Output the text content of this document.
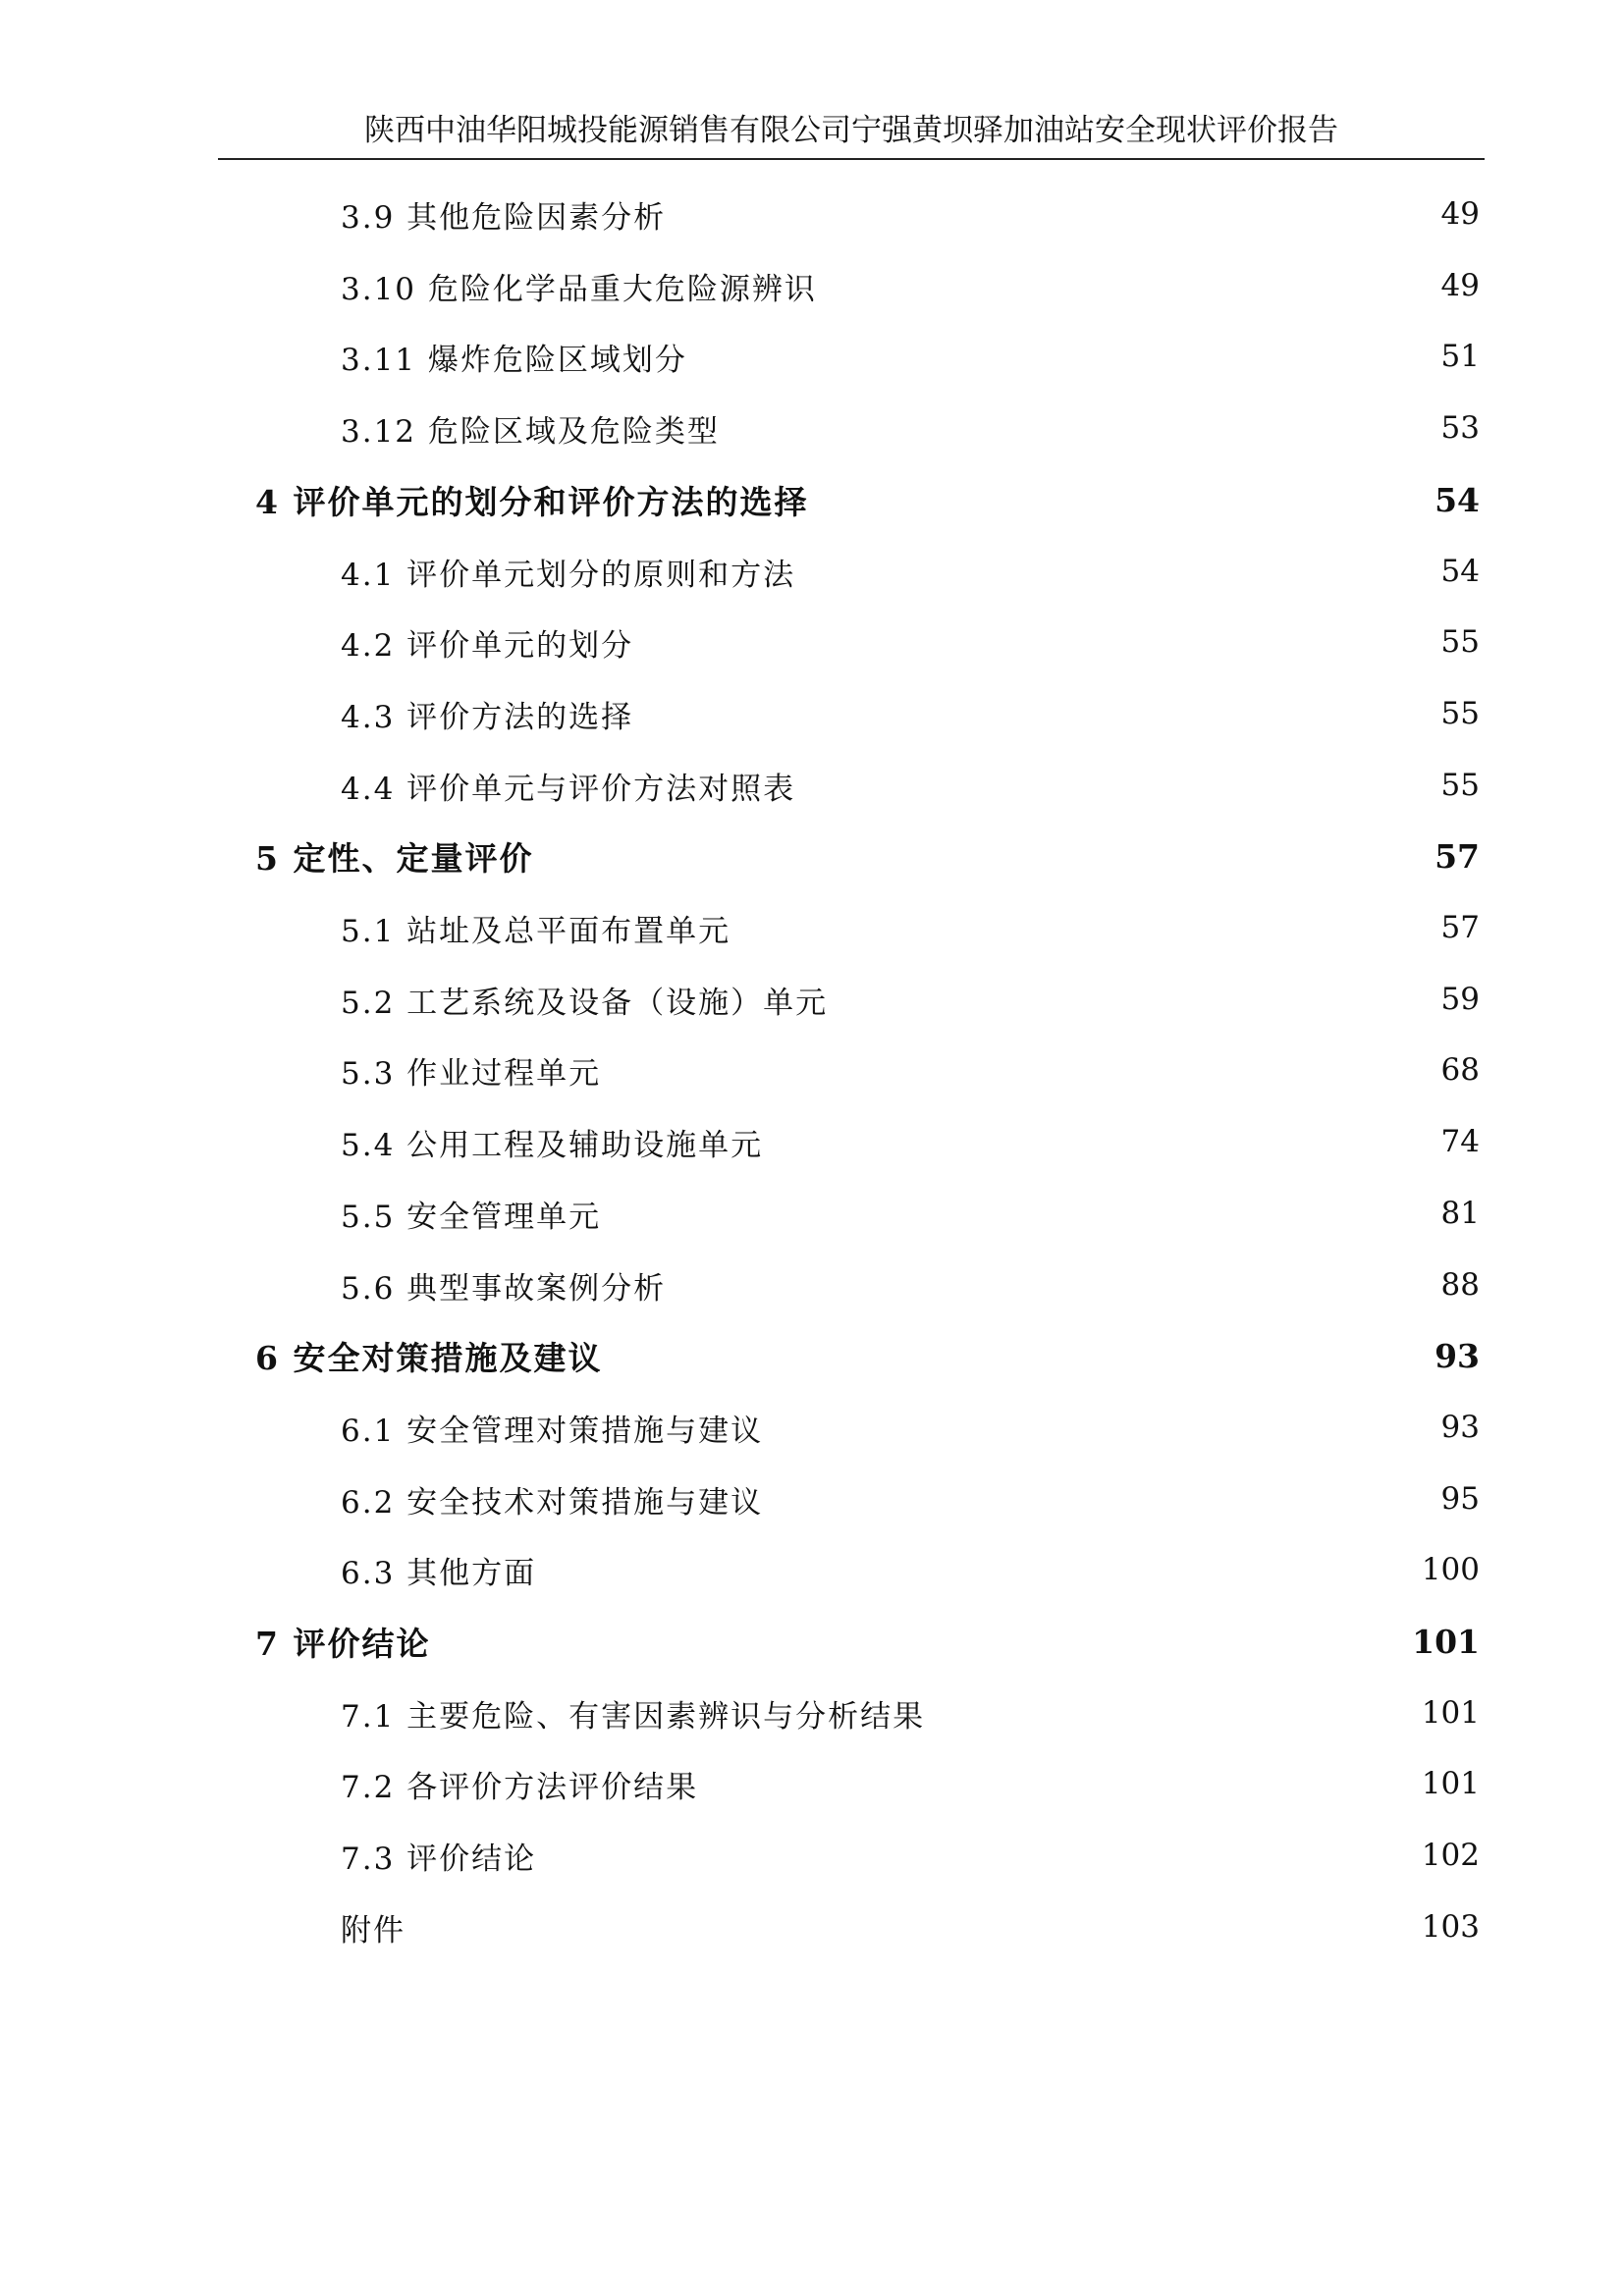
陕西中油华阳城投能源销售有限公司宁强黄坝驿加油站安全现状评价报告
3.9 其他危险因素分析	49
3.10 危险化学品重大危险源辨识	49
3.11 爆炸危险区域划分	51
3.12 危险区域及危险类型	53
4 评价单元的划分和评价方法的选择	54
4.1 评价单元划分的原则和方法	54
4.2 评价单元的划分	55
4.3 评价方法的选择	55
4.4 评价单元与评价方法对照表	55
5 定性、定量评价	57
5.1 站址及总平面布置单元	57
5.2 工艺系统及设备（设施）单元	59
5.3 作业过程单元	68
5.4 公用工程及辅助设施单元	74
5.5 安全管理单元	81
5.6 典型事故案例分析	88
6 安全对策措施及建议	93
6.1 安全管理对策措施与建议	93
6.2 安全技术对策措施与建议	95
6.3 其他方面	100
7 评价结论	101
7.1 主要危险、有害因素辨识与分析结果	101
7.2 各评价方法评价结果	101
7.3 评价结论	102
附件	103
